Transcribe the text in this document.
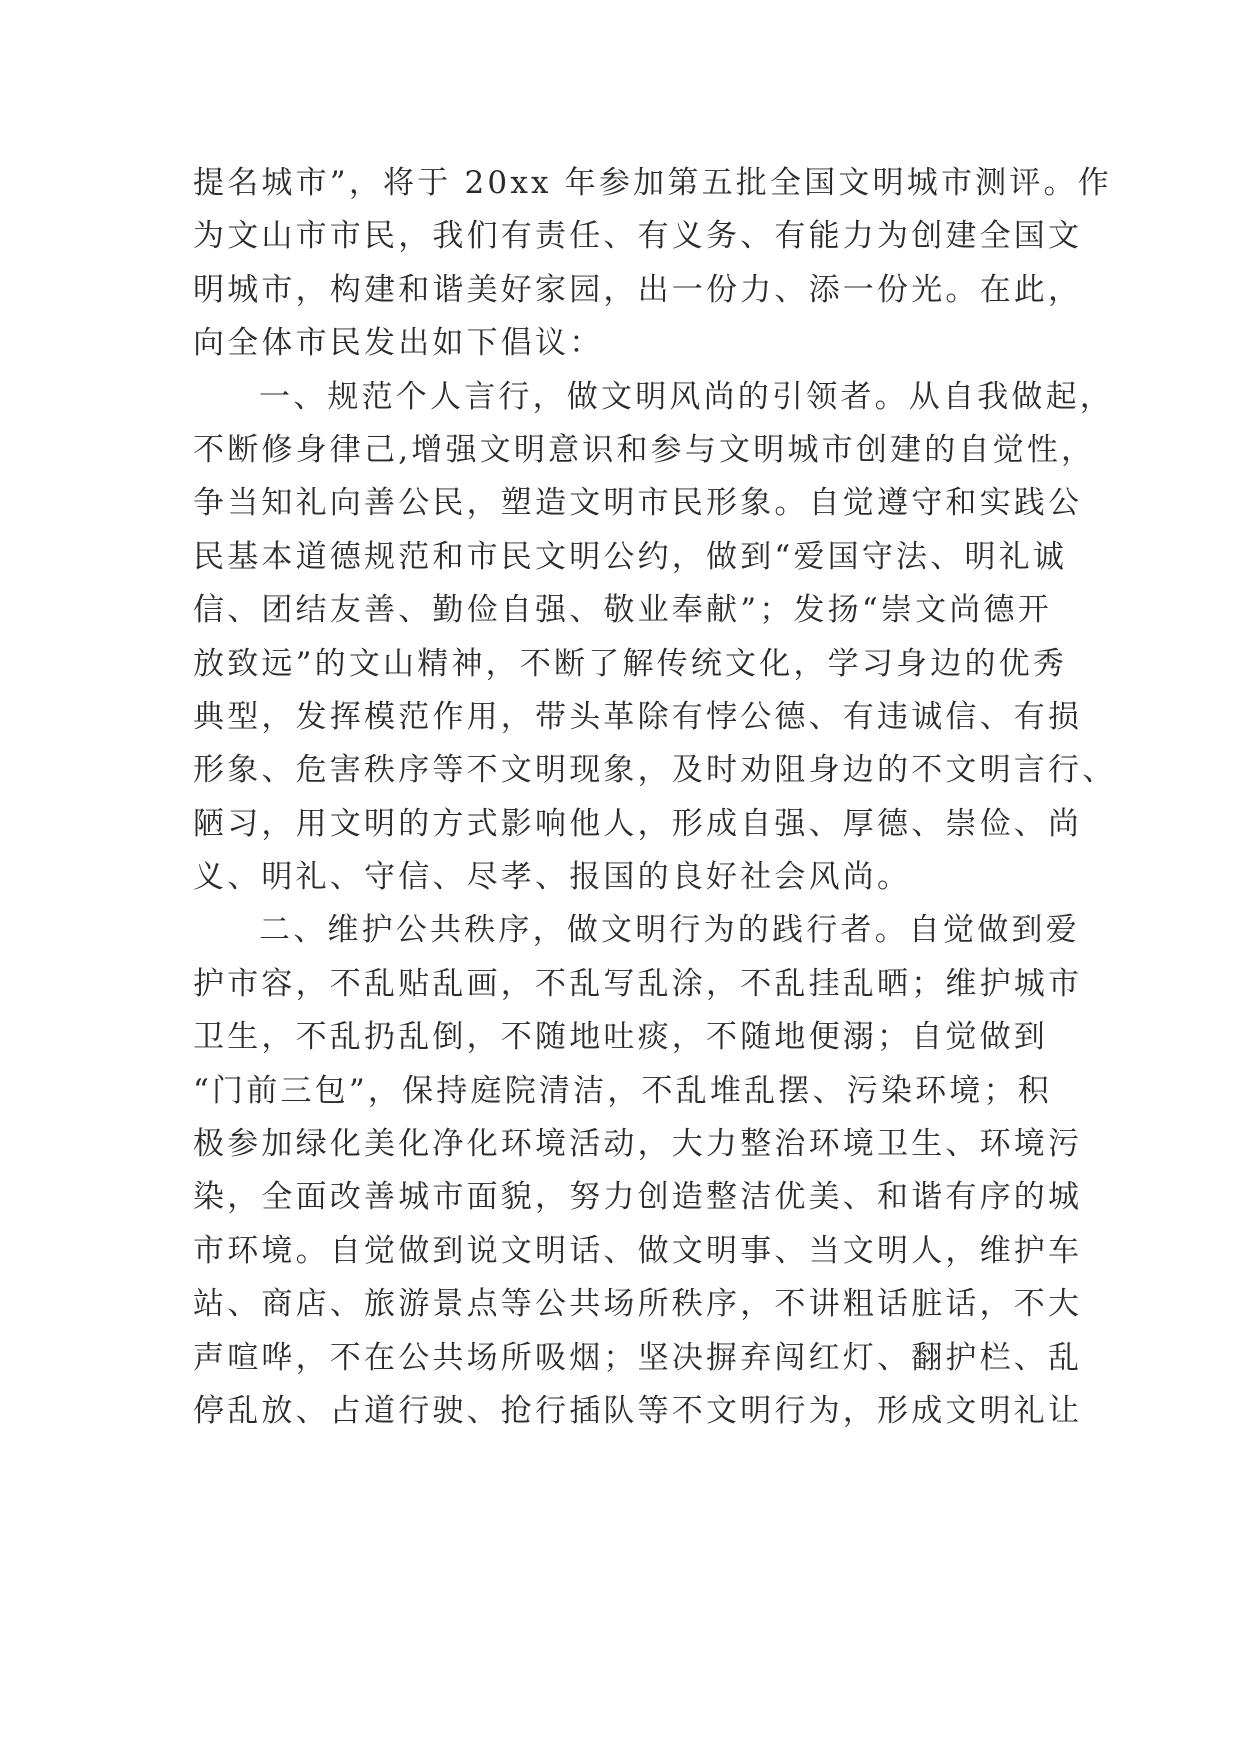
提名城市”，将于 20xx 年参加第五批全国文明城市测评。作
为文山市市民，我们有责任、有义务、有能力为创建全国文
明城市，构建和谐美好家园，出一份力、添一份光。在此，
向全体市民发出如下倡议：
一、规范个人言行，做文明风尚的引领者。从自我做起，
不断修身律己,增强文明意识和参与文明城市创建的自觉性，
争当知礼向善公民，塑造文明市民形象。自觉遵守和实践公
民基本道德规范和市民文明公约，做到“爱国守法、明礼诚
信、团结友善、勤俭自强、敬业奉献”；发扬“崇文尚德开
放致远”的文山精神，不断了解传统文化，学习身边的优秀
典型，发挥模范作用，带头革除有悖公德、有违诚信、有损
形象、危害秩序等不文明现象，及时劝阻身边的不文明言行、
陋习，用文明的方式影响他人，形成自强、厚德、崇俭、尚
义、明礼、守信、尽孝、报国的良好社会风尚。
二、维护公共秩序，做文明行为的践行者。自觉做到爱
护市容，不乱贴乱画，不乱写乱涂，不乱挂乱晒；维护城市
卫生，不乱扔乱倒，不随地吐痰，不随地便溺；自觉做到
“门前三包”，保持庭院清洁，不乱堆乱摆、污染环境；积
极参加绿化美化净化环境活动，大力整治环境卫生、环境污
染，全面改善城市面貌，努力创造整洁优美、和谐有序的城
市环境。自觉做到说文明话、做文明事、当文明人，维护车
站、商店、旅游景点等公共场所秩序，不讲粗话脏话，不大
声喧哗，不在公共场所吸烟；坚决摒弃闯红灯、翻护栏、乱
停乱放、占道行驶、抢行插队等不文明行为，形成文明礼让
